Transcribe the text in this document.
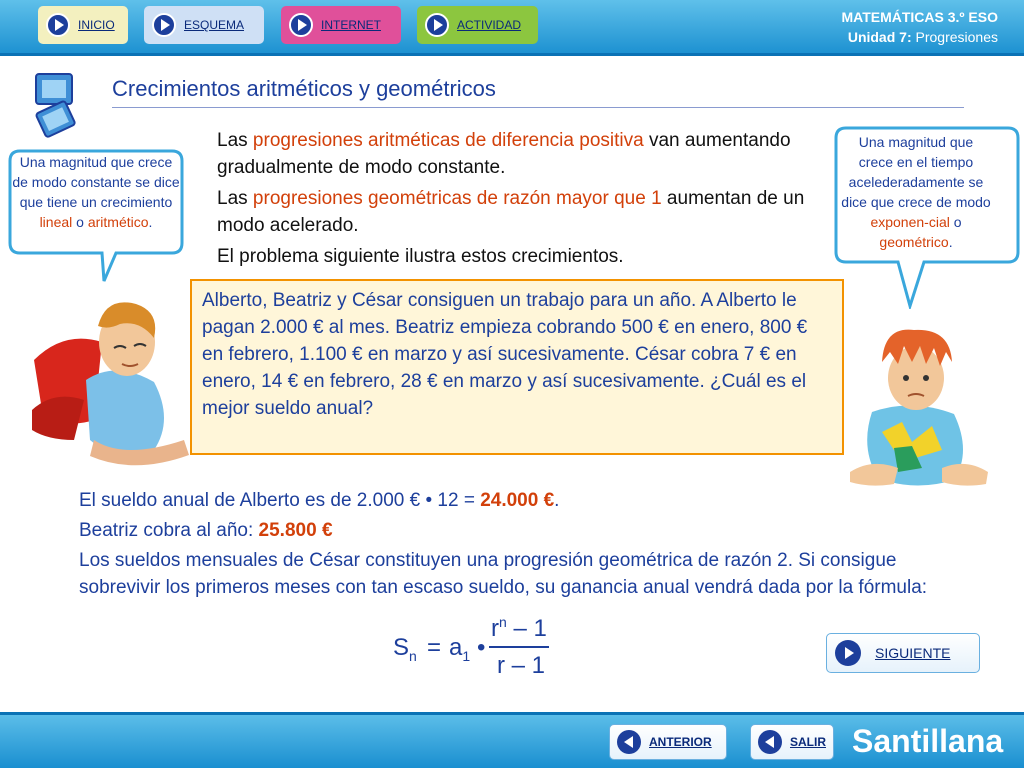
INICIO	ESQUEMA	INTERNET	ACTIVIDAD	MATEMÁTICAS 3.º ESO
Unidad 7: Progresiones
Crecimientos aritméticos y geométricos

Las progresiones aritméticas de diferencia positiva van aumentando gradualmente de modo constante.

Las progresiones geométricas de razón mayor que 1 aumentan de un modo acelerado.

El problema siguiente ilustra estos crecimientos.

Una magnitud que crece de modo constante se dice que tiene un crecimiento lineal o aritmético.
Una magnitud que crece en el tiempo acelederadamente se dice que crece de modo exponen-cial o geométrico.
Alberto, Beatriz y César consiguen un trabajo para un año. A Alberto le pagan 2.000 € al mes. Beatriz empieza cobrando 500 € en enero, 800 € en febrero, 1.100 € en marzo y así sucesivamente. César cobra 7 € en enero, 14 € en febrero, 28 € en marzo y así sucesivamente. ¿Cuál es el mejor sueldo anual?

El sueldo anual de Alberto es de 2.000 € • 12 = 24.000 €.

Beatriz cobra al año: 25.800 €

Los sueldos mensuales de César constituyen una progresión geométrica de razón 2. Si consigue sobrevivir los primeros meses con tan escaso sueldo, su ganancia anual vendrá dada por la fórmula:

$S_n = a_1$ •
$r^n - 1$
r – 1	SIGUIENTE
ANTERIOR	SALIR Santillana
